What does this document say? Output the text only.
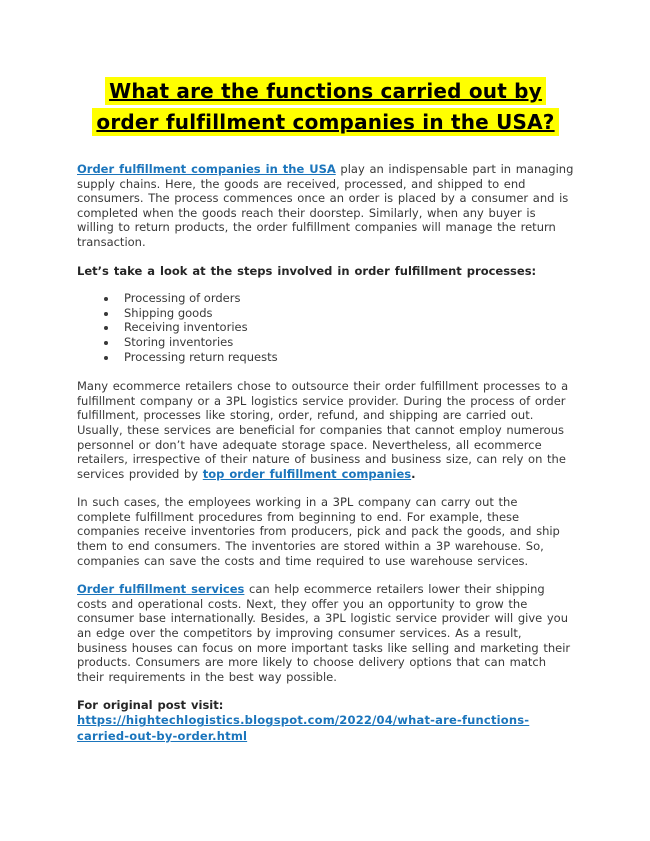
What are the functions carried out by
order fulfillment companies in the USA?

Order fulfillment companies in the USA play an indispensable part in managing supply chains. Here, the goods are received, processed, and shipped to end consumers. The process commences once an order is placed by a consumer and is completed when the goods reach their doorstep. Similarly, when any buyer is willing to return products, the order fulfillment companies will manage the return transaction.

Let’s take a look at the steps involved in order fulfillment processes:
• Processing of orders
• Shipping goods
• Receiving inventories
• Storing inventories
• Processing return requests

Many ecommerce retailers chose to outsource their order fulfillment processes to a fulfillment company or a 3PL logistics service provider. During the process of order fulfillment, processes like storing, order, refund, and shipping are carried out. Usually, these services are beneficial for companies that cannot employ numerous personnel or don’t have adequate storage space. Nevertheless, all ecommerce retailers, irrespective of their nature of business and business size, can rely on the services provided by top order fulfillment companies.

In such cases, the employees working in a 3PL company can carry out the complete fulfillment procedures from beginning to end. For example, these companies receive inventories from producers, pick and pack the goods, and ship them to end consumers. The inventories are stored within a 3P warehouse. So, companies can save the costs and time required to use warehouse services.

Order fulfillment services can help ecommerce retailers lower their shipping costs and operational costs. Next, they offer you an opportunity to grow the consumer base internationally. Besides, a 3PL logistic service provider will give you an edge over the competitors by improving consumer services. As a result, business houses can focus on more important tasks like selling and marketing their products. Consumers are more likely to choose delivery options that can match their requirements in the best way possible.

For original post visit:
https://hightechlogistics.blogspot.com/2022/04/what-are-functions-carried-out-by-order.html
